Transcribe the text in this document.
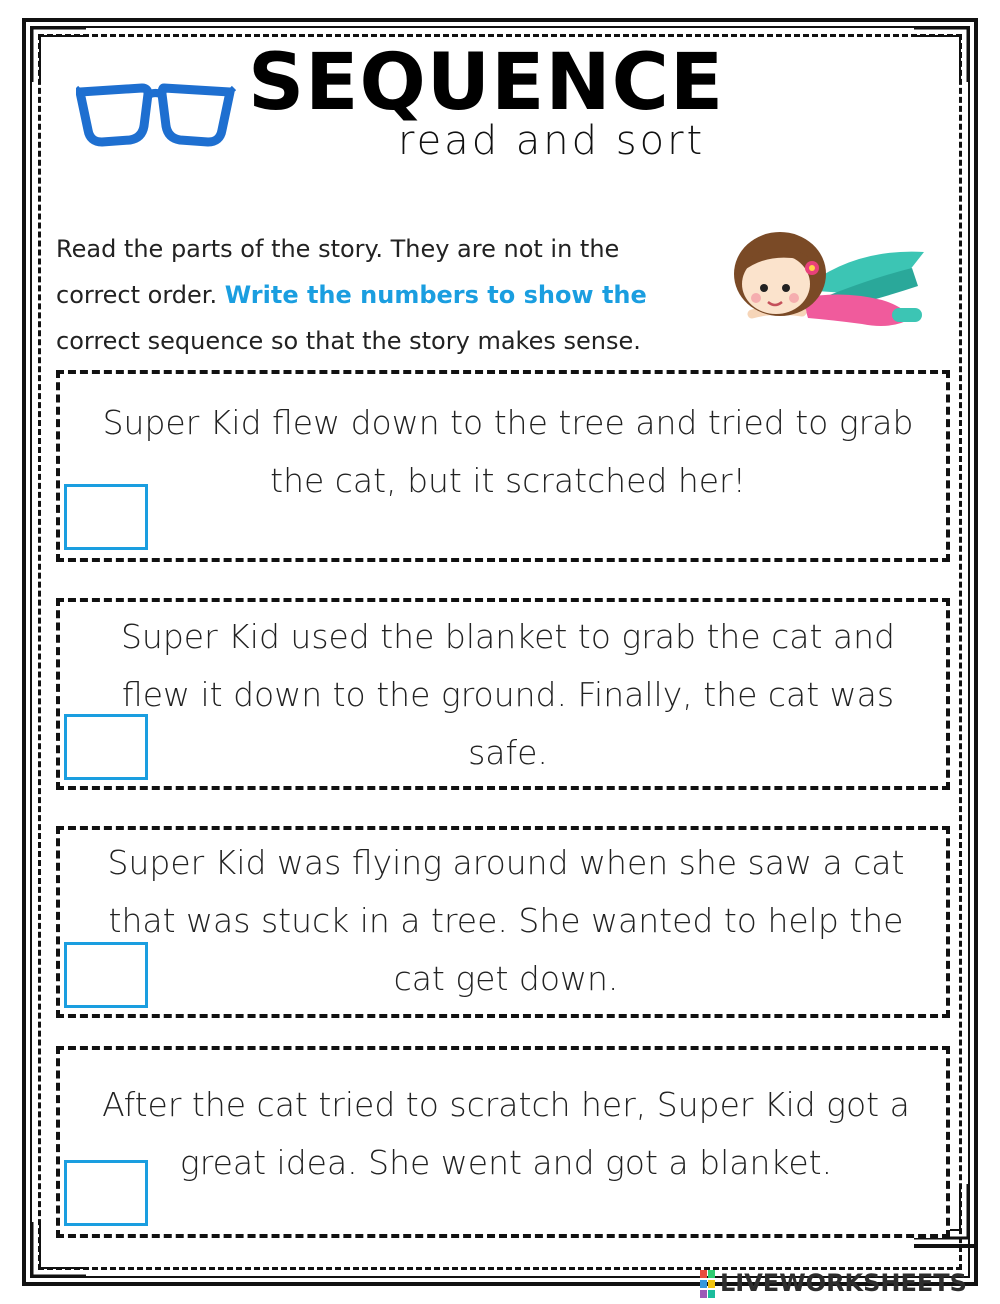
SEQUENCE
read and sort
Read the parts of the story. They are not in the
correct order. Write the numbers to show the
correct sequence so that the story makes sense.
Super Kid flew down to the tree and tried to grab the cat, but it scratched her!
Super Kid used the blanket to grab the cat and flew it down to the ground. Finally, the cat was safe.
Super Kid was flying around when she saw a cat that was stuck in a tree. She wanted to help the cat get down.
After the cat tried to scratch her, Super Kid got a great idea. She went and got a blanket.
LIVEWORKSHEETS
